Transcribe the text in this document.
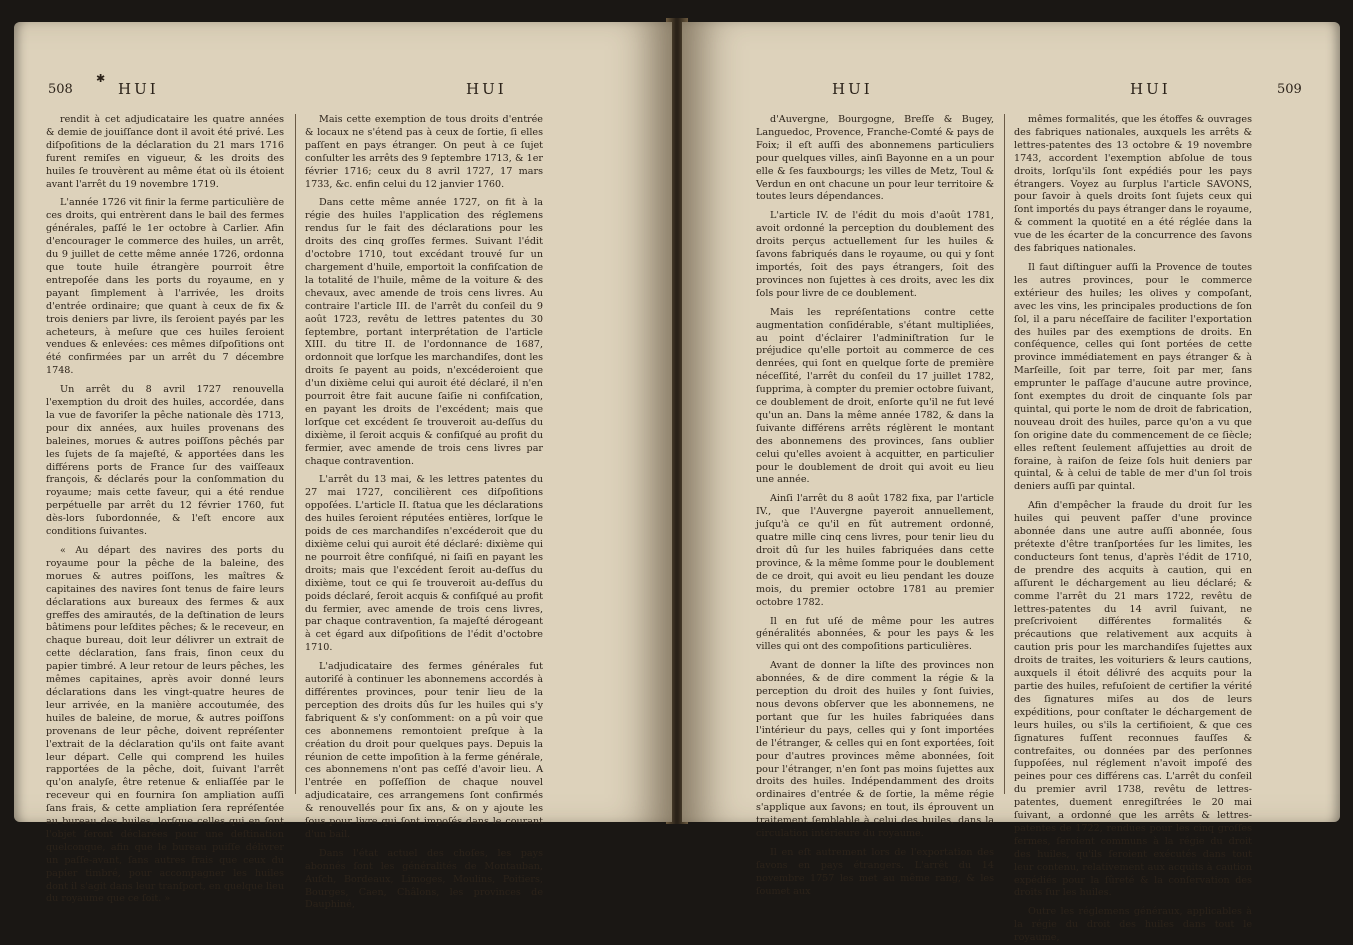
508
✱
HUI	HUI

rendit à cet adjudicataire les quatre années & demie de jouiſſance dont il avoit été privé. Les diſpoſitions de la déclaration du 21 mars 1716 furent remiſes en vigueur, & les droits des huiles ſe trouvèrent au même état où ils étoient avant l'arrêt du 19 novembre 1719.

L'année 1726 vit finir la ferme particulière de ces droits, qui entrèrent dans le bail des fermes générales, paſſé le 1er octobre à Carlier. Afin d'encourager le commerce des huiles, un arrêt, du 9 juillet de cette même année 1726, ordonna que toute huile étrangère pourroit être entrepoſée dans les ports du royaume, en y payant ſimplement à l'arrivée, les droits d'entrée ordinaire; que quant à ceux de fix & trois deniers par livre, ils ſeroient payés par les acheteurs, à meſure que ces huiles ſeroient vendues & enlevées: ces mêmes diſpoſitions ont été confirmées par un arrêt du 7 décembre 1748.

Un arrêt du 8 avril 1727 renouvella l'exemption du droit des huiles, accordée, dans la vue de favoriſer la pêche nationale dès 1713, pour dix années, aux huiles provenans des baleines, morues & autres poiſſons pêchés par les ſujets de ſa majeſté, & apportées dans les différens ports de France ſur des vaiſſeaux françois, & déclarés pour la conſommation du royaume; mais cette faveur, qui a été rendue perpétuelle par arrêt du 12 février 1760, fut dès-lors ſubordonnée, & l'eſt encore aux conditions ſuivantes.

« Au départ des navires des ports du royaume pour la pêche de la baleine, des morues & autres poiſſons, les maîtres & capitaines des navires ſont tenus de faire leurs déclarations aux bureaux des fermes & aux greffes des amirautés, de la deſtination de leurs bâtimens pour leſdites pêches; & le receveur, en chaque bureau, doit leur délivrer un extrait de cette déclaration, ſans frais, ſinon ceux du papier timbré. A leur retour de leurs pêches, les mêmes capitaines, après avoir donné leurs déclarations dans les vingt-quatre heures de leur arrivée, en la manière accoutumée, des huiles de baleine, de morue, & autres poiſſons provenans de leur pêche, doivent repréſenter l'extrait de la déclaration qu'ils ont faite avant leur départ. Celle qui comprend les huiles rapportées de la pêche, doit, ſuivant l'arrêt qu'on analyſe, être retenue & enliaſſée par le receveur qui en fournira ſon ampliation auſſi ſans frais, & cette ampliation ſera repréſentée au bureau des huiles, lorſque celles qui en ſont l'objet ſeront déclarées pour une deſtination quelconque, afin que le bureau puiſſe délivrer un paſſe-avant, ſans autres frais que ceux du papier timbré, pour accompagner les huiles dont il s'agit dans leur tranſport, en quelque lieu du royaume que ce ſoit. »

Mais cette exemption de tous droits d'entrée & locaux ne s'étend pas à ceux de ſortie, ſi elles paſſent en pays étranger. On peut à ce ſujet conſulter les arrêts des 9 ſeptembre 1713, & 1er février 1716; ceux du 8 avril 1727, 17 mars 1733, &c. enfin celui du 12 janvier 1760.

Dans cette même année 1727, on fit à la régie des huiles l'application des réglemens rendus ſur le fait des déclarations pour les droits des cinq groſſes fermes. Suivant l'édit d'octobre 1710, tout excédant trouvé ſur un chargement d'huile, emportoit la confiſcation de la totalité de l'huile, même de la voiture & des chevaux, avec amende de trois cens livres. Au contraire l'article III. de l'arrêt du conſeil du 9 août 1723, revêtu de lettres patentes du 30 ſeptembre, portant interprétation de l'article XIII. du titre II. de l'ordonnance de 1687, ordonnoit que lorſque les marchandiſes, dont les droits ſe payent au poids, n'excéderoient que d'un dixième celui qui auroit été déclaré, il n'en pourroit être fait aucune ſaiſie ni confiſcation, en payant les droits de l'excédent; mais que lorſque cet excédent ſe trouveroit au-deſſus du dixième, il ſeroit acquis & confiſqué au profit du fermier, avec amende de trois cens livres par chaque contravention.

L'arrêt du 13 mai, & les lettres patentes du 27 mai 1727, concilièrent ces diſpoſitions oppoſées. L'article II. ſtatua que les déclarations des huiles ſeroient réputées entières, lorſque le poids de ces marchandiſes n'excéderoit que du dixième celui qui auroit été déclaré: dixième qui ne pourroit être confiſqué, ni ſaiſi en payant les droits; mais que l'excédent ſeroit au-deſſus du dixième, tout ce qui ſe trouveroit au-deſſus du poids déclaré, ſeroit acquis & confiſqué au profit du fermier, avec amende de trois cens livres, par chaque contravention, ſa majeſté dérogeant à cet égard aux diſpoſitions de l'édit d'octobre 1710.

L'adjudicataire des fermes générales fut autoriſé à continuer les abonnemens accordés à différentes provinces, pour tenir lieu de la perception des droits dûs ſur les huiles qui s'y fabriquent & s'y conſomment: on a pû voir que ces abonnemens remontoient preſque à la création du droit pour quelques pays. Depuis la réunion de cette impoſition à la ferme générale, ces abonnemens n'ont pas ceſſé d'avoir lieu. A l'entrée en poſſeſſion de chaque nouvel adjudicataire, ces arrangemens ſont confirmés & renouvellés pour ſix ans, & on y ajoute les ſous pour livre qui ſont impoſés dans le courant d'un bail.

Dans l'état actuel des choſes, les pays abonnés ſont les généralités de Montauban, Auſch, Bordeaux, Limoges, Moulins, Poitiers, Bourges, Caen, Châlons, les provinces de Dauphiné,

HUI	HUI	509

d'Auvergne, Bourgogne, Breſſe & Bugey, Languedoc, Provence, Franche-Comté & pays de Foix; il eſt auſſi des abonnemens particuliers pour quelques villes, ainſi Bayonne en a un pour elle & ſes fauxbourgs; les villes de Metz, Toul & Verdun en ont chacune un pour leur territoire & toutes leurs dépendances.

L'article IV. de l'édit du mois d'août 1781, avoit ordonné la perception du doublement des droits perçus actuellement ſur les huiles & ſavons fabriqués dans le royaume, ou qui y ſont importés, ſoit des pays étrangers, ſoit des provinces non ſujettes à ces droits, avec les dix ſols pour livre de ce doublement.

Mais les repréſentations contre cette augmentation conſidérable, s'étant multipliées, au point d'éclairer l'adminiſtration ſur le préjudice qu'elle portoit au commerce de ces denrées, qui ſont en quelque ſorte de première néceſſité, l'arrêt du conſeil du 17 juillet 1782, ſupprima, à compter du premier octobre ſuivant, ce doublement de droit, enſorte qu'il ne fut levé qu'un an. Dans la même année 1782, & dans la ſuivante différens arrêts réglèrent le montant des abonnemens des provinces, ſans oublier celui qu'elles avoient à acquitter, en particulier pour le doublement de droit qui avoit eu lieu une année.

Ainſi l'arrêt du 8 août 1782 fixa, par l'article IV., que l'Auvergne payeroit annuellement, juſqu'à ce qu'il en fût autrement ordonné, quatre mille cinq cens livres, pour tenir lieu du droit dû ſur les huiles fabriquées dans cette province, & la même ſomme pour le doublement de ce droit, qui avoit eu lieu pendant les douze mois, du premier octobre 1781 au premier octobre 1782.

Il en fut uſé de même pour les autres généralités abonnées, & pour les pays & les villes qui ont des compoſitions particulières.

Avant de donner la liſte des provinces non abonnées, & de dire comment la régie & la perception du droit des huiles y ſont ſuivies, nous devons obſerver que les abonnemens, ne portant que ſur les huiles fabriquées dans l'intérieur du pays, celles qui y ſont importées de l'étranger, & celles qui en ſont exportées, ſoit pour d'autres provinces même abonnées, ſoit pour l'étranger, n'en ſont pas moins ſujettes aux droits des huiles. Indépendamment des droits ordinaires d'entrée & de ſortie, la même régie s'applique aux ſavons; en tout, ils éprouvent un traitement ſemblable à celui des huiles, dans la circulation intérieure du royaume.

Il en eſt autrement lors de l'exportation des ſavons en pays étrangers. L'arrêt du 14 novembre 1757 les met au même rang, & les ſoumet aux

mêmes formalités, que les étoffes & ouvrages des fabriques nationales, auxquels les arrêts & lettres-patentes des 13 octobre & 19 novembre 1743, accordent l'exemption abſolue de tous droits, lorſqu'ils ſont expédiés pour les pays étrangers. Voyez au ſurplus l'article SAVONS, pour ſavoir à quels droits ſont ſujets ceux qui ſont importés du pays étranger dans le royaume, & comment la quotité en a été réglée dans la vue de les écarter de la concurrence des ſavons des fabriques nationales.

Il faut diſtinguer auſſi la Provence de toutes les autres provinces, pour le commerce extérieur des huiles; les olives y compoſant, avec les vins, les principales productions de ſon ſol, il a paru néceſſaire de faciliter l'exportation des huiles par des exemptions de droits. En conſéquence, celles qui ſont portées de cette province immédiatement en pays étranger & à Marſeille, ſoit par terre, ſoit par mer, ſans emprunter le paſſage d'aucune autre province, ſont exemptes du droit de cinquante ſols par quintal, qui porte le nom de droit de fabrication, nouveau droit des huiles, parce qu'on a vu que ſon origine date du commencement de ce ſiècle; elles reſtent ſeulement aſſujetties au droit de foraine, à raiſon de ſeize ſols huit deniers par quintal, & à celui de table de mer d'un ſol trois deniers auſſi par quintal.

Afin d'empêcher la fraude du droit ſur les huiles qui peuvent paſſer d'une province abonnée dans une autre auſſi abonnée, ſous prétexte d'être tranſportées ſur les limites, les conducteurs ſont tenus, d'après l'édit de 1710, de prendre des acquits à caution, qui en aſſurent le déchargement au lieu déclaré; & comme l'arrêt du 21 mars 1722, revêtu de lettres-patentes du 14 avril ſuivant, ne preſcrivoient différentes formalités & précautions que relativement aux acquits à caution pris pour les marchandiſes ſujettes aux droits de traites, les voituriers & leurs cautions, auxquels il étoit délivré des acquits pour la partie des huiles, refuſoient de certifier la vérité des ſignatures miſes au dos de leurs expéditions, pour conſtater le déchargement de leurs huiles, ou s'ils la certifioient, & que ces ſignatures fuſſent reconnues fauſſes & contrefaites, ou données par des perſonnes ſuppoſées, nul réglement n'avoit impoſé des peines pour ces différens cas. L'arrêt du conſeil du premier avril 1738, revêtu de lettres-patentes, duement enregiſtrées le 20 mai ſuivant, a ordonné que les arrêts & lettres-patentes de 1722, rendues pour les cinq groſſes fermes, ſeroient communs à la régie du droit des huiles, qu'ils ſeroient exécutés dans tout leur contenu, relativement aux acquits à caution expédiés pour la ſûreté & la conſervation des droits ſur les huiles.

Outre les réglemens généraux, applicables à la régie du droit des huiles dans tout le royaume,
